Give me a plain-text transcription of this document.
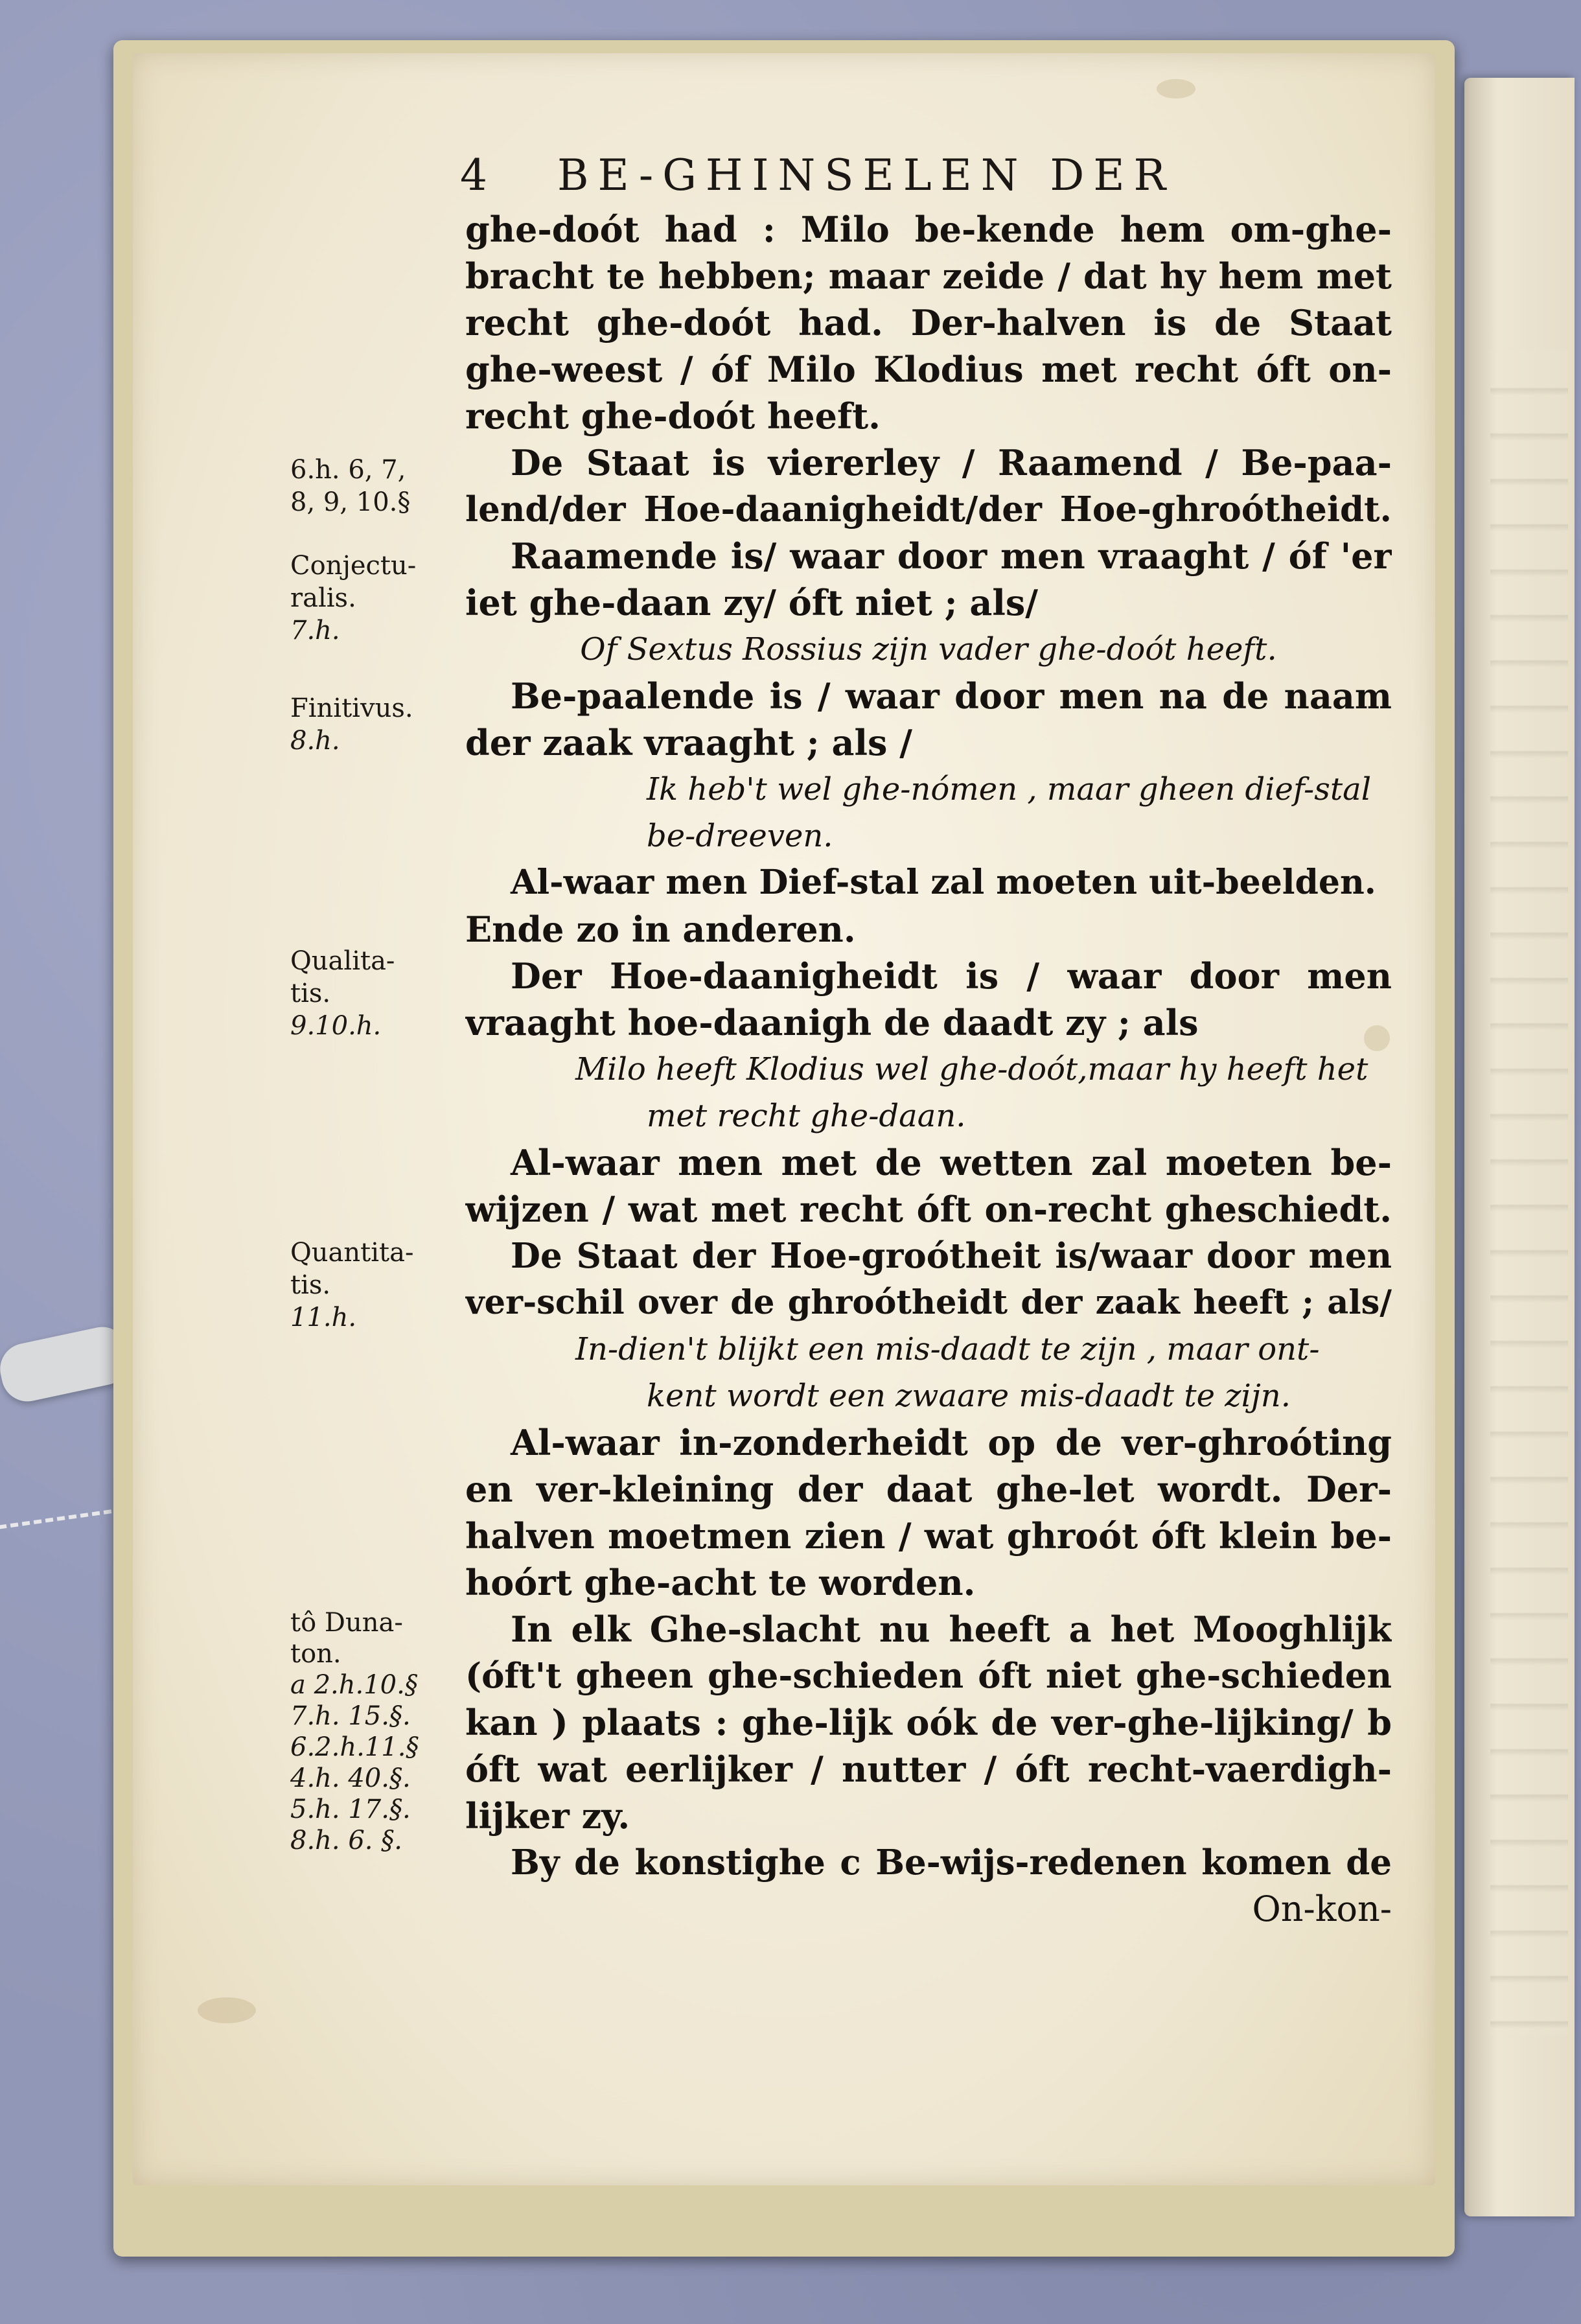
4 BE-GHINSELEN DER
6.h. 6, 7,
8, 9, 10.§
Conjectu-
ralis.
7.h.
Finitivus.
8.h.
Qualita-
tis.
9.10.h.
Quantita-
tis.
11.h.
tô Duna-
ton.
a 2.h.10.§
7.h. 15.§.
6.2.h.11.§
4.h. 40.§.
5.h. 17.§.
8.h. 6. §.
ghe-doót had : Milo be-kende hem om-ghe-
bracht te hebben; maar zeide / dat hy hem met
recht ghe-doót had. Der-halven is de Staat
ghe-weest / óf Milo Klodius met recht óft on-
recht ghe-doót heeft.
De Staat is viererley / Raamend / Be-paa-
lend/der Hoe-daanigheidt/der Hoe-ghroótheidt.
Raamende is/ waar door men vraaght / óf 'er
iet ghe-daan zy/ óft niet ; als/
Of Sextus Rossius zijn vader ghe-doót heeft.
Be-paalende is / waar door men na de naam
der zaak vraaght ; als /
Ik heb't wel ghe-nómen , maar gheen dief-stal
be-dreeven.
Al-waar men Dief-stal zal moeten uit-beelden.
Ende zo in anderen.
Der Hoe-daanigheidt is / waar door men
vraaght hoe-daanigh de daadt zy ; als
Milo heeft Klodius wel ghe-doót,maar hy heeft het
met recht ghe-daan.
Al-waar men met de wetten zal moeten be-
wijzen / wat met recht óft on-recht gheschiedt.
De Staat der Hoe-groótheit is/waar door men
ver-schil over de ghroótheidt der zaak heeft ; als/
In-dien't blijkt een mis-daadt te zijn , maar ont-
kent wordt een zwaare mis-daadt te zijn.
Al-waar in-zonderheidt op de ver-ghroóting
en ver-kleining der daat ghe-let wordt. Der-
halven moetmen zien / wat ghroót óft klein be-
hoórt ghe-acht te worden.
In elk Ghe-slacht nu heeft a het Mooghlijk
(óft't gheen ghe-schieden óft niet ghe-schieden
kan ) plaats : ghe-lijk oók de ver-ghe-lijking/ b
óft wat eerlijker / nutter / óft recht-vaerdigh-
lijker zy.
By de konstighe c Be-wijs-redenen komen de
On-kon-
